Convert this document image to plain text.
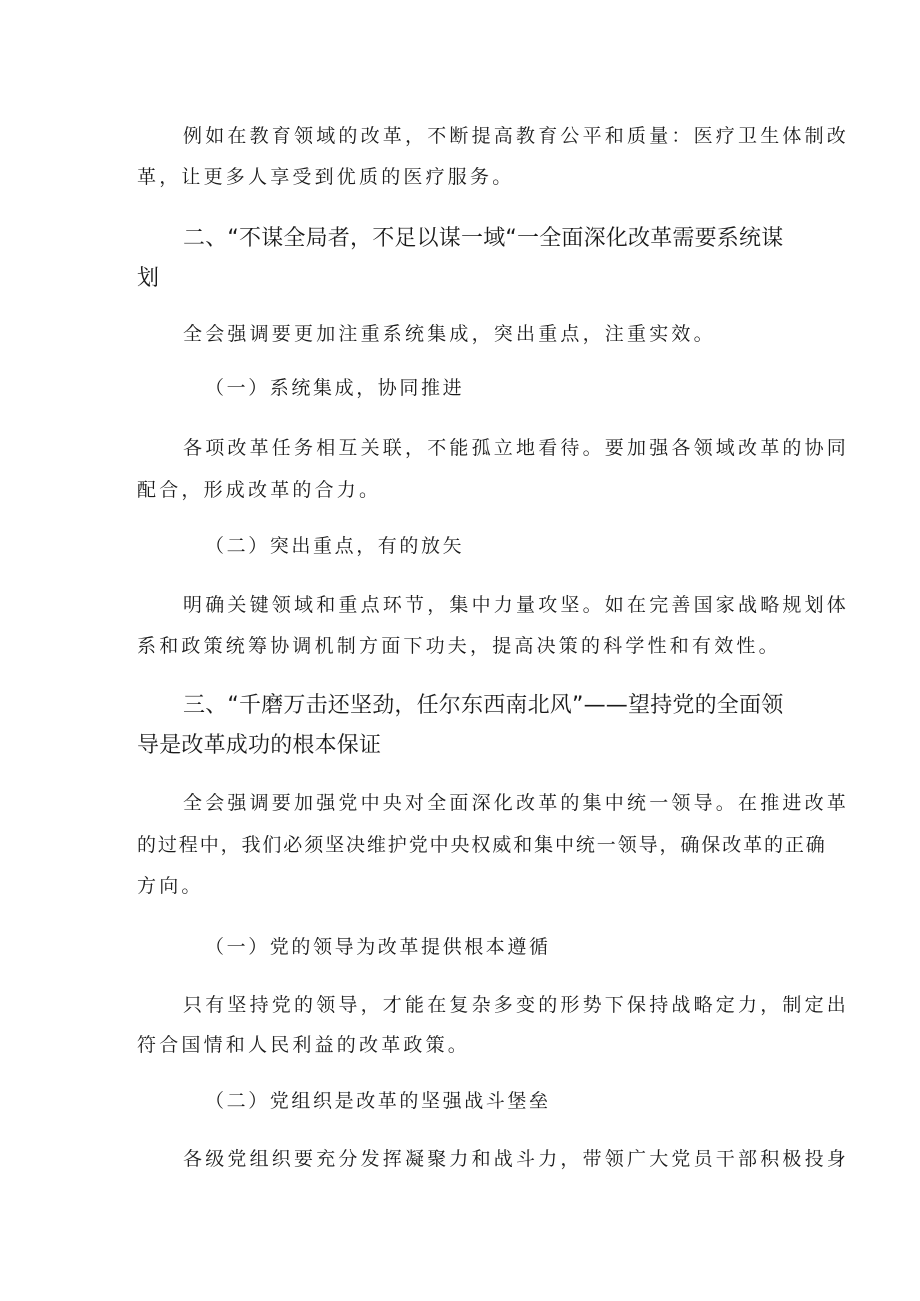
例如在教育领域的改革，不断提高教育公平和质量：医疗卫生体制改
革，让更多人享受到优质的医疗服务。
二、“不谋全局者，不足以谋一域“一全面深化改革需要系统谋
划
全会强调要更加注重系统集成，突出重点，注重实效。
（一）系统集成，协同推进
各项改革任务相互关联，不能孤立地看待。要加强各领域改革的协同
配合，形成改革的合力。
（二）突出重点，有的放矢
明确关键领域和重点环节，集中力量攻坚。如在完善国家战略规划体
系和政策统筹协调机制方面下功夫，提高决策的科学性和有效性。
三、“千磨万击还坚劲，任尔东西南北风”——望持党的全面领
导是改革成功的根本保证
全会强调要加强党中央对全面深化改革的集中统一领导。在推进改革
的过程中，我们必须坚决维护党中央权威和集中统一领导，确保改革的正确
方向。
（一）党的领导为改革提供根本遵循
只有坚持党的领导，才能在复杂多变的形势下保持战略定力，制定出
符合国情和人民利益的改革政策。
（二）党组织是改革的坚强战斗堡垒
各级党组织要充分发挥凝聚力和战斗力，带领广大党员干部积极投身
